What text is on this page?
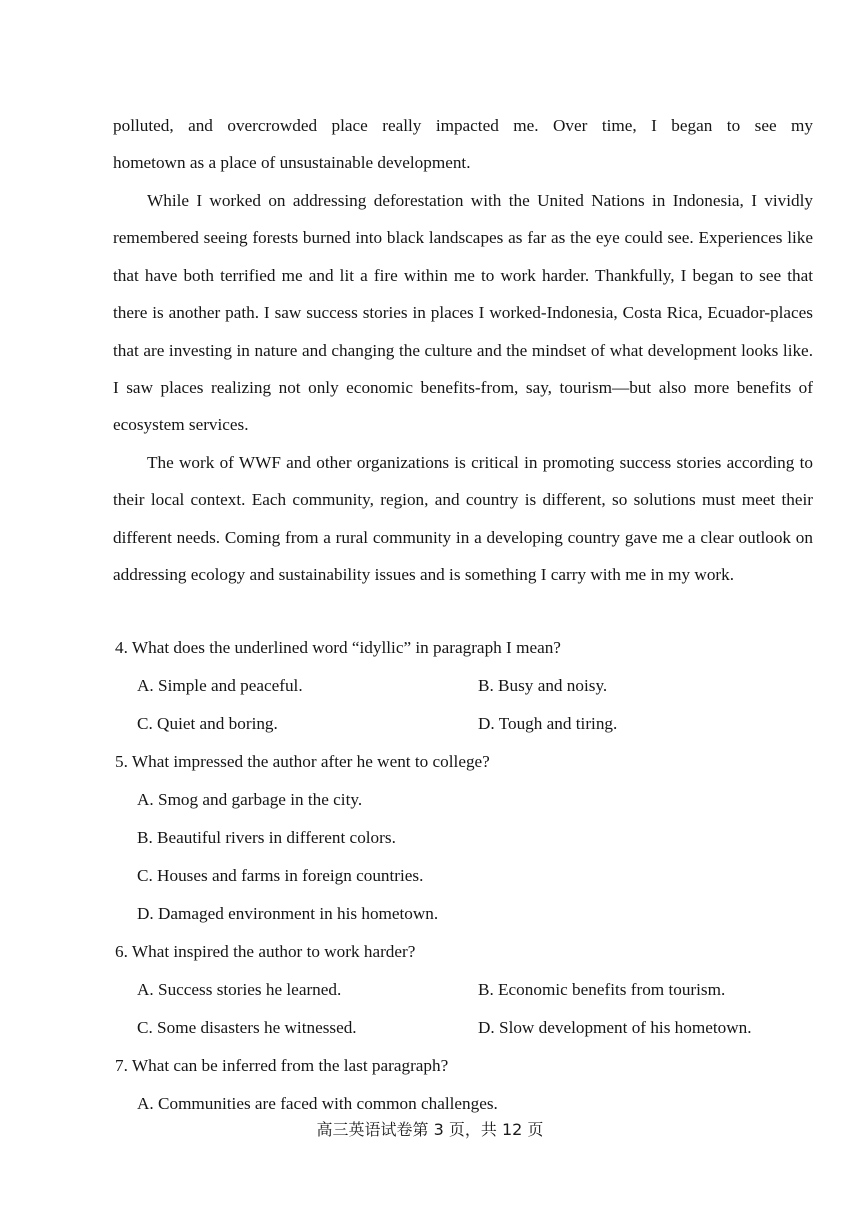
polluted, and overcrowded place really impacted me. Over time, I began to see my

hometown as a place of unsustainable development.

While I worked on addressing deforestation with the United Nations in Indonesia, I vividly remembered seeing forests burned into black landscapes as far as the eye could see. Experiences like that have both terrified me and lit a fire within me to work harder. Thankfully, I began to see that there is another path. I saw success stories in places I worked-Indonesia, Costa Rica, Ecuador-places that are investing in nature and changing the culture and the mindset of what development looks like. I saw places realizing not only economic benefits-from, say, tourism—but also more benefits of ecosystem services.

The work of WWF and other organizations is critical in promoting success stories according to their local context. Each community, region, and country is different, so solutions must meet their different needs. Coming from a rural community in a developing country gave me a clear outlook on addressing ecology and sustainability issues and is something I carry with me in my work.

4. What does the underlined word “idyllic” in paragraph I mean?
A. Simple and peaceful.	B. Busy and noisy.
C. Quiet and boring.	D. Tough and tiring.
5. What impressed the author after he went to college?
A. Smog and garbage in the city.
B. Beautiful rivers in different colors.
C. Houses and farms in foreign countries.
D. Damaged environment in his hometown.
6. What inspired the author to work harder?
A. Success stories he learned.	B. Economic benefits from tourism.
C. Some disasters he witnessed.	D. Slow development of his hometown.
7. What can be inferred from the last paragraph?
A. Communities are faced with common challenges.
高三英语试卷第 3 页，共 12 页
